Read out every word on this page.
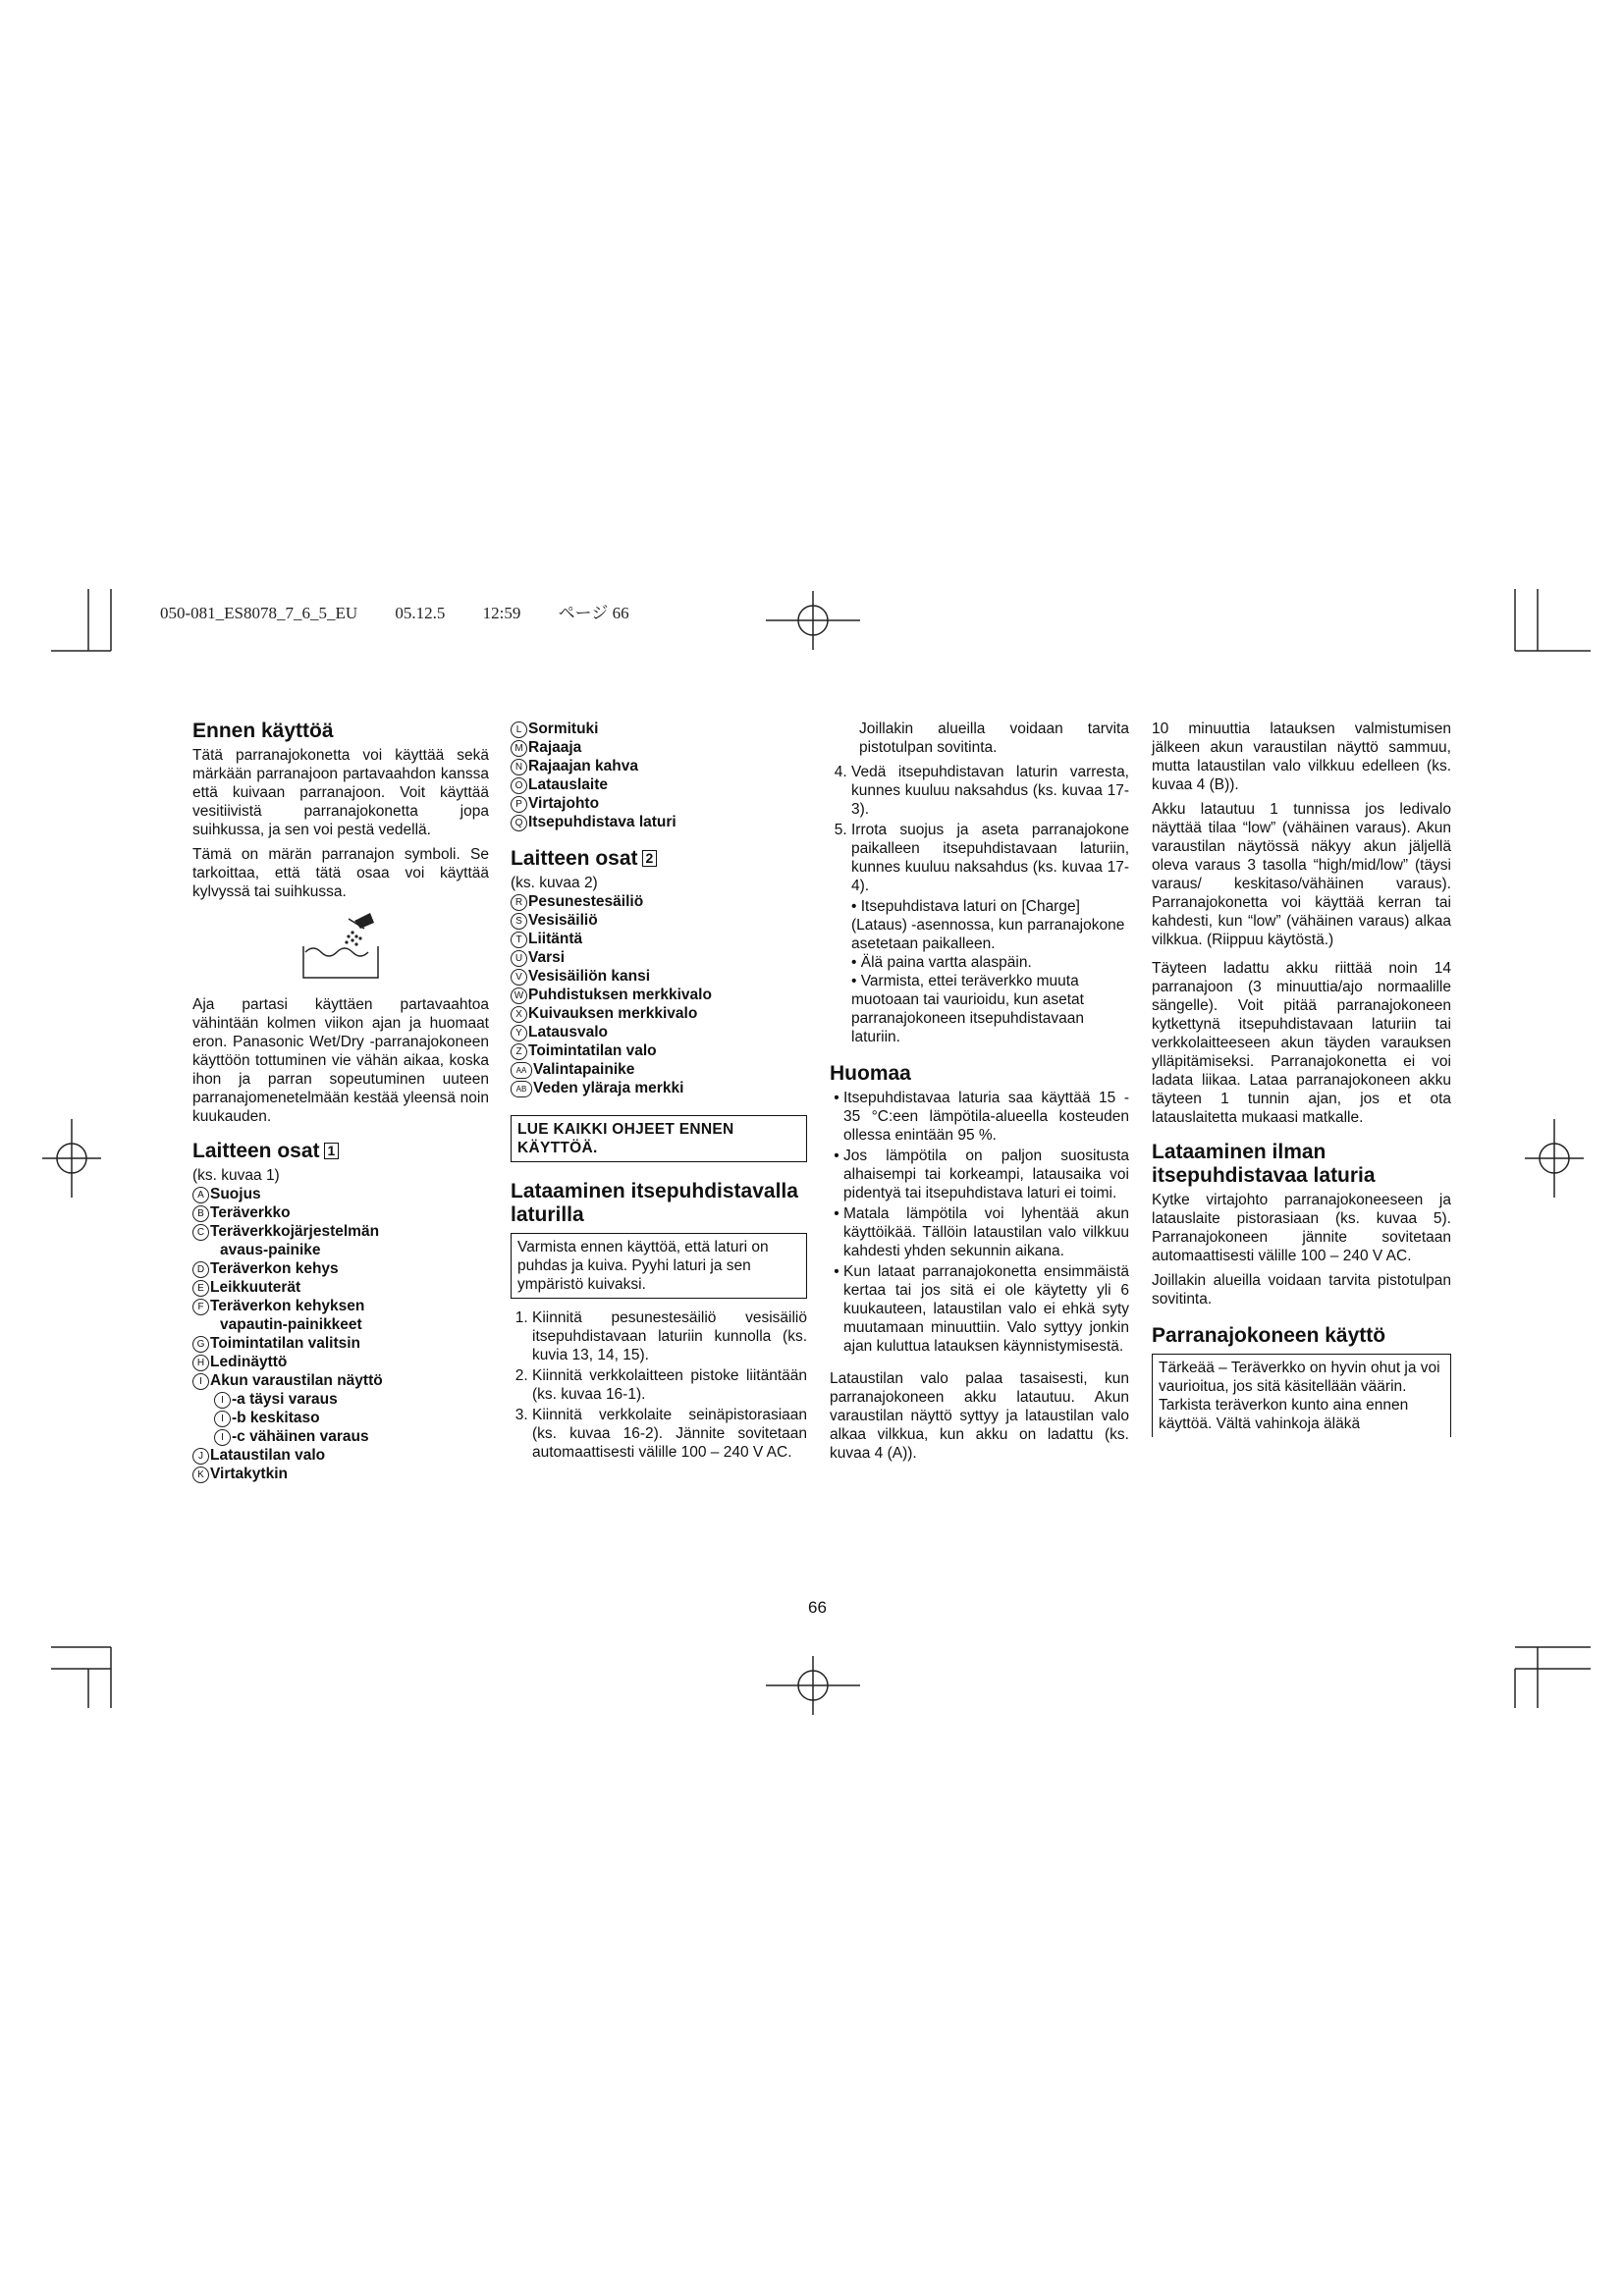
050-081_ES8078_7_6_5_EU 05.12.5 12:59 ページ 66
Ennen käyttöä

Tätä parranajokonetta voi käyttää sekä märkään parranajoon partavaahdon kanssa että kuivaan parranajoon. Voit käyttää vesitiivistä parranajokonetta jopa suihkussa, ja sen voi pestä vedellä.

Tämä on märän parranajon symboli. Se tarkoittaa, että tätä osaa voi käyttää kylvyssä tai suihkussa.

Aja partasi käyttäen partavaahtoa vähintään kolmen viikon ajan ja huomaat eron. Panasonic Wet/Dry -parranajokoneen käyttöön tottuminen vie vähän aikaa, koska ihon ja parran sopeutuminen uuteen parranajomenetelmään kestää yleensä noin kuukauden.

Laitteen osat 1
(ks. kuvaa 1)
A Suojus
B Teräverkko
C Teräverkkojärjestelmän
avaus-painike
D Teräverkon kehys
E Leikkuuterät
F Teräverkon kehyksen
vapautin-painikkeet
G Toimintatilan valitsin
H Ledinäyttö
I Akun varaustilan näyttö
I -a täysi varaus
I -b keskitaso
I -c vähäinen varaus
J Lataustilan valo
K Virtakytkin
L Sormituki
M Rajaaja
N Rajaajan kahva
O Latauslaite
P Virtajohto
Q Itsepuhdistava laturi
Laitteen osat 2
(ks. kuvaa 2)
R Pesunestesäiliö
S Vesisäiliö
T Liitäntä
U Varsi
V Vesisäiliön kansi
W Puhdistuksen merkkivalo
X Kuivauksen merkkivalo
Y Latausvalo
Z Toimintatilan valo
AA Valintapainike
AB Veden yläraja merkki
LUE KAIKKI OHJEET ENNEN KÄYTTÖÄ.
Lataaminen itsepuhdistavalla laturilla
Varmista ennen käyttöä, että laturi on puhdas ja kuiva. Pyyhi laturi ja sen ympäristö kuivaksi.
1. Kiinnitä pesunestesäiliö vesisäiliö itsepuhdistavaan laturiin kunnolla (ks. kuvia 13, 14, 15).
2. Kiinnitä verkkolaitteen pistoke liitäntään (ks. kuvaa 16-1).
3. Kiinnitä verkkolaite seinäpistorasiaan (ks. kuvaa 16-2). Jännite sovitetaan automaattisesti välille 100 – 240 V AC.

Joillakin alueilla voidaan tarvita pistotulpan sovitinta.

4. Vedä itsepuhdistavan laturin varresta, kunnes kuuluu naksahdus (ks. kuvaa 17-3).
5. Irrota suojus ja aseta parranajokone paikalleen itsepuhdistavaan laturiin, kunnes kuuluu naksahdus (ks. kuvaa 17-4).
• Itsepuhdistava laturi on [Charge] (Lataus) -asennossa, kun parranajokone asetetaan paikalleen.
• Älä paina vartta alaspäin.
• Varmista, ettei teräverkko muuta muotoaan tai vaurioidu, kun asetat parranajokoneen itsepuhdistavaan laturiin.
Huomaa
• Itsepuhdistavaa laturia saa käyttää 15 - 35 °C:een lämpötila-alueella kosteuden ollessa enintään 95 %.
• Jos lämpötila on paljon suositusta alhaisempi tai korkeampi, latausaika voi pidentyä tai itsepuhdistava laturi ei toimi.
• Matala lämpötila voi lyhentää akun käyttöikää. Tällöin lataustilan valo vilkkuu kahdesti yhden sekunnin aikana.
• Kun lataat parranajokonetta ensimmäistä kertaa tai jos sitä ei ole käytetty yli 6 kuukauteen, lataustilan valo ei ehkä syty muutamaan minuuttiin. Valo syttyy jonkin ajan kuluttua latauksen käynnistymisestä.

Lataustilan valo palaa tasaisesti, kun parranajokoneen akku latautuu. Akun varaustilan näyttö syttyy ja lataustilan valo alkaa vilkkua, kun akku on ladattu (ks. kuvaa 4 (A)).

10 minuuttia latauksen valmistumisen jälkeen akun varaustilan näyttö sammuu, mutta lataustilan valo vilkkuu edelleen (ks. kuvaa 4 (B)).

Akku latautuu 1 tunnissa jos ledivalo näyttää tilaa “low” (vähäinen varaus). Akun varaustilan näytössä näkyy akun jäljellä oleva varaus 3 tasolla “high/mid/low” (täysi varaus/ keskitaso/vähäinen varaus). Parranajokonetta voi käyttää kerran tai kahdesti, kun “low” (vähäinen varaus) alkaa vilkkua. (Riippuu käytöstä.)

Täyteen ladattu akku riittää noin 14 parranajoon (3 minuuttia/ajo normaalille sängelle). Voit pitää parranajokoneen kytkettynä itsepuhdistavaan laturiin tai verkkolaitteeseen akun täyden varauksen ylläpitämiseksi. Parranajokonetta ei voi ladata liikaa. Lataa parranajokoneen akku täyteen 1 tunnin ajan, jos et ota latauslaitetta mukaasi matkalle.

Lataaminen ilman itsepuhdistavaa laturia

Kytke virtajohto parranajokoneeseen ja latauslaite pistorasiaan (ks. kuvaa 5). Parranajokoneen jännite sovitetaan automaattisesti välille 100 – 240 V AC.

Joillakin alueilla voidaan tarvita pistotulpan sovitinta.

Parranajokoneen käyttö
Tärkeää – Teräverkko on hyvin ohut ja voi vaurioitua, jos sitä käsitellään väärin. Tarkista teräverkon kunto aina ennen käyttöä. Vältä vahinkoja äläkä
66
